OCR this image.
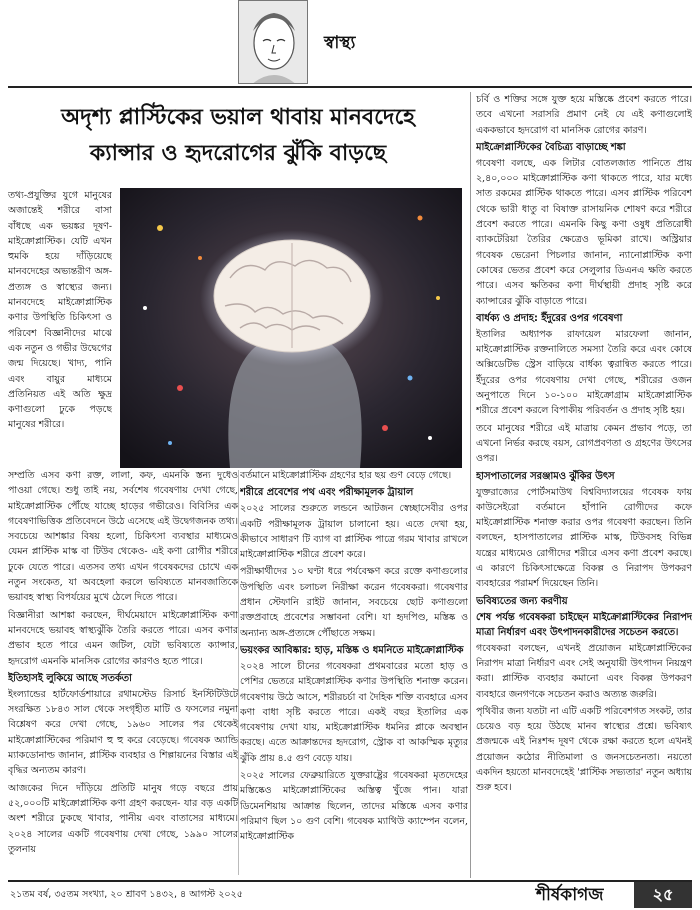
স্বাস্থ্য
অদৃশ্য প্লাস্টিকের ভয়াল থাবায় মানবদেহে
ক্যান্সার ও হৃদরোগের ঝুঁকি বাড়ছে

তথ্য-প্রযুক্তির যুগে মানুষের অজান্তেই শরীরে বাসা বাঁধছে এক ভয়ঙ্কর দূষণ-মাইক্রোপ্লাস্টিক। যেটি এখন হুমকি হয়ে দাঁড়িয়েছে মানবদেহের অভ্যন্তরীণ অঙ্গ-প্রত্যঙ্গ ও স্বাস্থ্যের জন্য। মানবদেহে মাইক্রোপ্লাস্টিক কণার উপস্থিতি চিকিৎসা ও পরিবেশ বিজ্ঞানীদের মাঝে এক নতুন ও গভীর উদ্বেগের জন্ম দিয়েছে। খাদ্য, পানি এবং বায়ুর মাধ্যমে প্রতিনিয়ত এই অতি ক্ষুদ্র কণাগুলো ঢুকে পড়ছে মানুষের শরীরে।

সম্প্রতি এসব কণা রক্ত, লালা, কফ, এমনকি স্তন্য দুধেও পাওয়া গেছে। শুধু তাই নয়, সর্বশেষ গবেষণায় দেখা গেছে, মাইক্রোপ্লাস্টিক পৌঁছে যাচ্ছে হাড়ের গভীরেও। বিবিসির এক গবেষণাভিত্তিক প্রতিবেদনে উঠে এসেছে এই উদ্বেগজনক তথ্য। সবচেয়ে আশঙ্কার বিষয় হলো, চিকিৎসা ব্যবস্থার মাধ্যমেও যেমন প্লাস্টিক মাস্ক বা টিউব থেকেও- এই কণা রোগীর শরীরে ঢুকে যেতে পারে। এতসব তথ্য এখন গবেষকদের চোখে এক নতুন সংকেত, যা অবহেলা করলে ভবিষ্যতে মানবজাতিকে ভয়াবহ স্বাস্থ্য বিপর্যয়ের মুখে ঠেলে দিতে পারে।

বিজ্ঞানীরা আশঙ্কা করছেন, দীর্ঘমেয়াদে মাইক্রোপ্লাস্টিক কণা মানবদেহে ভয়াবহ স্বাস্থ্যঝুঁকি তৈরি করতে পারে। এসব কণার প্রভাব হতে পারে এমন জটিল, যেটা ভবিষ্যতে ক্যান্সার, হৃদরোগ এমনকি মানসিক রোগের কারণও হতে পারে।

ইতিহাসই লুকিয়ে আছে সতর্কতা

ইংল্যান্ডের হার্টফোর্ডশায়ারে রথামস্টেড রিসার্চ ইনস্টিটিউটে সংরক্ষিত ১৮৪৩ সাল থেকে সংগৃহীত মাটি ও ফসলের নমুনা বিশ্লেষণ করে দেখা গেছে, ১৯৬০ সালের পর থেকেই মাইক্রোপ্লাস্টিকের পরিমাণ হু হু করে বেড়েছে। গবেষক অ্যান্ডি ম্যাকডোনাল্ড জানান, প্লাস্টিক ব্যবহার ও শিল্পায়নের বিস্তার এই বৃদ্ধির অন্যতম কারণ।

আজকের দিনে দাঁড়িয়ে প্রতিটি মানুষ গড়ে বছরে প্রায় ৫২,০০০টি মাইক্রোপ্লাস্টিক কণা গ্রহণ করছেন- যার বড় একটি অংশ শরীরে ঢুকছে খাবার, পানীয় এবং বাতাসের মাধ্যমে। ২০২৪ সালের একটি গবেষণায় দেখা গেছে, ১৯৯০ সালের তুলনায়

বর্তমানে মাইক্রোপ্লাস্টিক গ্রহণের হার ছয় গুণ বেড়ে গেছে।

শরীরে প্রবেশের পথ এবং পরীক্ষামূলক ট্রায়াল

২০২৫ সালের শুরুতে লন্ডনে আটজন স্বেচ্ছাসেবীর ওপর একটি পরীক্ষামূলক ট্রায়াল চালানো হয়। এতে দেখা হয়, কীভাবে সাধারণ টি ব্যাগ বা প্লাস্টিক পাত্রে গরম খাবার রাখলে মাইক্রোপ্লাস্টিক শরীরে প্রবেশ করে।

পরীক্ষার্থীদের ১০ ঘণ্টা ধরে পর্যবেক্ষণ করে রক্তে কণাগুলোর উপস্থিতি এবং চলাচল নিরীক্ষা করেন গবেষকরা। গবেষণার প্রধান স্টেফানি রাইট জানান, সবচেয়ে ছোট কণাগুলো রক্তপ্রবাহে প্রবেশের সম্ভাবনা বেশি। যা হৃদপিণ্ড, মস্তিষ্ক ও অন্যান্য অঙ্গ-প্রত্যঙ্গে পৌঁছাতে সক্ষম।

ভয়ংকর আবিষ্কার: হাড়, মস্তিষ্ক ও ধমনিতে মাইক্রোপ্লাস্টিক

২০২৪ সালে চীনের গবেষকরা প্রথমবারের মতো হাড় ও পেশির ভেতরে মাইক্রোপ্লাস্টিক কণার উপস্থিতি শনাক্ত করেন। গবেষণায় উঠে আসে, শরীরচর্চা বা দৈহিক শক্তি ব্যবহারে এসব কণা বাধা সৃষ্টি করতে পারে। একই বছর ইতালির এক গবেষণায় দেখা যায়, মাইক্রোপ্লাস্টিক ধমনির প্লাকে অবস্থান করছে। এতে আক্রান্তদের হৃদরোগ, স্ট্রোক বা আকস্মিক মৃত্যুর ঝুঁকি প্রায় ৪.৫ গুণ বেড়ে যায়।

২০২৫ সালের ফেব্রুয়ারিতে যুক্তরাষ্ট্রের গবেষকরা মৃতদেহের মস্তিষ্কেও মাইক্রোপ্লাস্টিকের অস্তিত্ব খুঁজে পান। যারা ডিমেনশিয়ায় আক্রান্ত ছিলেন, তাদের মস্তিষ্কে এসব কণার পরিমাণ ছিল ১০ গুণ বেশি। গবেষক ম্যাথিউ ক্যাম্পেন বলেন, মাইক্রোপ্লাস্টিক

চর্বি ও শক্তির সঙ্গে যুক্ত হয়ে মস্তিষ্কে প্রবেশ করতে পারে। তবে এখনো সরাসরি প্রমাণ নেই যে এই কণাগুলোই এককভাবে হৃদরোগ বা মানসিক রোগের কারণ।

মাইক্রোপ্লাস্টিকের বৈচিত্র্য বাড়াচ্ছে শঙ্কা

গবেষণা বলছে, এক লিটার বোতলজাত পানিতে প্রায় ২,৪০,০০০ মাইক্রোপ্লাস্টিক কণা থাকতে পারে, যার মধ্যে সাত রকমের প্লাস্টিক থাকতে পারে। এসব প্লাস্টিক পরিবেশ থেকে ভারী ধাতু বা বিষাক্ত রাসায়নিক শোষণ করে শরীরে প্রবেশ করতে পারে। এমনকি কিছু কণা ওষুধ প্রতিরোধী ব্যাকটেরিয়া তৈরির ক্ষেত্রেও ভূমিকা রাখে। অস্ট্রিয়ার গবেষক ভেরেনা পিচলার জানান, ন্যানোপ্লাস্টিক কণা কোষের ভেতর প্রবেশ করে সেলুলার ডিএনএ ক্ষতি করতে পারে। এসব ক্ষতিকর কণা দীর্ঘস্থায়ী প্রদাহ সৃষ্টি করে ক্যান্সারের ঝুঁকি বাড়াতে পারে।

বার্ধক্য ও প্রদাহ: ইঁদুরের ওপর গবেষণা

ইতালির অধ্যাপক রাফায়েল মারফেলা জানান, মাইক্রোপ্লাস্টিক রক্তনালিতে সমস্যা তৈরি করে এবং কোষে অক্সিডেটিভ স্ট্রেস বাড়িয়ে বার্ধক্য ত্বরান্বিত করতে পারে। ইঁদুরের ওপর গবেষণায় দেখা গেছে, শরীরের ওজন অনুপাতে দিনে ১০-১০০ মাইক্রোগ্রাম মাইক্রোপ্লাস্টিক শরীরে প্রবেশ করলে বিপাকীয় পরিবর্তন ও প্রদাহ সৃষ্টি হয়।

তবে মানুষের শরীরে এই মাত্রায় কেমন প্রভাব পড়ে, তা এখনো নির্ভর করছে বয়স, রোগপ্রবণতা ও গ্রহণের উৎসের ওপর।

হাসপাতালের সরঞ্জামও ঝুঁকির উৎস

যুক্তরাজ্যের পোর্টসমাউথ বিশ্ববিদ্যালয়ের গবেষক ফায় কাউসেইরো বর্তমানে হাঁপানি রোগীদের কফে মাইক্রোপ্লাস্টিক শনাক্ত করার ওপর গবেষণা করছেন। তিনি বলছেন, হাসপাতালের প্লাস্টিক মাস্ক, টিউবসহ বিভিন্ন যন্ত্রের মাধ্যমেও রোগীদের শরীরে এসব কণা প্রবেশ করছে। এ কারণে চিকিৎসাক্ষেত্রে বিকল্প ও নিরাপদ উপকরণ ব্যবহারের পরামর্শ দিয়েছেন তিনি।

ভবিষ্যতের জন্য করণীয়
শেষ পর্যন্ত গবেষকরা চাইছেন মাইক্রোপ্লাস্টিকের নিরাপদ মাত্রা নির্ধারণ এবং উৎপাদনকারীদের সচেতন করতে।

গবেষকরা বলছেন, এখনই প্রয়োজন মাইক্রোপ্লাস্টিকের নিরাপদ মাত্রা নির্ধারণ এবং সেই অনুযায়ী উৎপাদন নিয়ন্ত্রণ করা। প্লাস্টিক ব্যবহার কমানো এবং বিকল্প উপকরণ ব্যবহারে জনগণকে সচেতন করাও অত্যন্ত জরুরি।

পৃথিবীর জন্য যতটা না এটি একটি পরিবেশগত সংকট, তার চেয়েও বড় হয়ে উঠছে মানব স্বাস্থ্যের প্রশ্নে। ভবিষ্যৎ প্রজন্মকে এই নিঃশব্দ দূষণ থেকে রক্ষা করতে হলে এখনই প্রয়োজন কঠোর নীতিমালা ও জনসচেতনতা। নয়তো একদিন হয়তো মানবদেহেই 'প্লাস্টিক সভ্যতার' নতুন অধ্যায় শুরু হবে।

২১তম বর্ষ, ৩৫তম সংখ্যা, ২০ শ্রাবণ ১৪৩২, ৪ আগস্ট ২০২৫	শীর্ষকাগজ	২৫
